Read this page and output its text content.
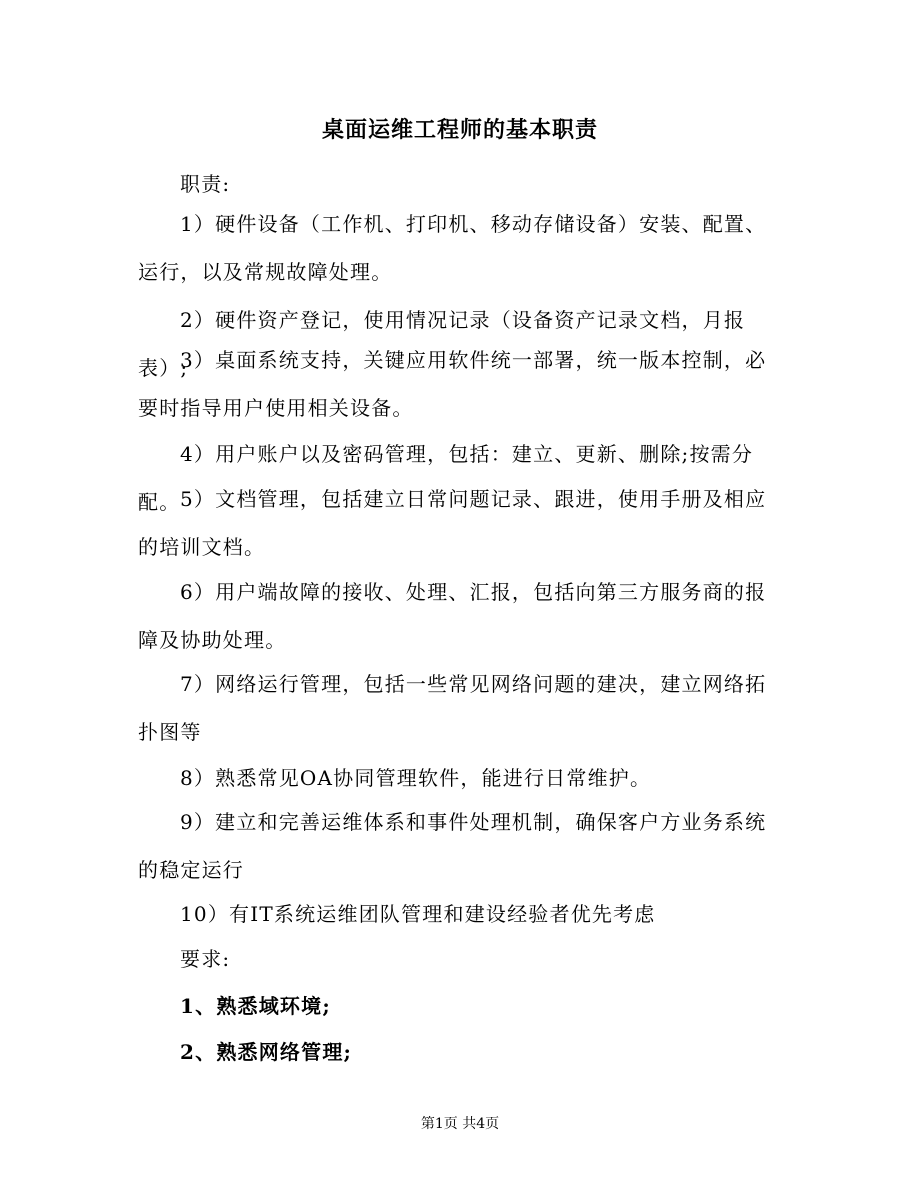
桌面运维工程师的基本职责

职责:

1）硬件设备（工作机、打印机、移动存储设备）安装、配置、运行，以及常规故障处理。

2）硬件资产登记，使用情况记录（设备资产记录文档，月报表）;

3）桌面系统支持，关键应用软件统一部署，统一版本控制，必要时指导用户使用相关设备。

4）用户账户以及密码管理，包括：建立、更新、删除;按需分配。 5）文档管理，包括建立日常问题记录、跟进，使用手册及相应的培训文档。

6）用户端故障的接收、处理、汇报，包括向第三方服务商的报障及协助处理。

7）网络运行管理，包括一些常见网络问题的建决，建立网络拓扑图等

8）熟悉常见OA协同管理软件，能进行日常维护。

9）建立和完善运维体系和事件处理机制，确保客户方业务系统的稳定运行

10）有IT系统运维团队管理和建设经验者优先考虑

要求:

1、熟悉域环境;

2、熟悉网络管理;

第1页 共4页
